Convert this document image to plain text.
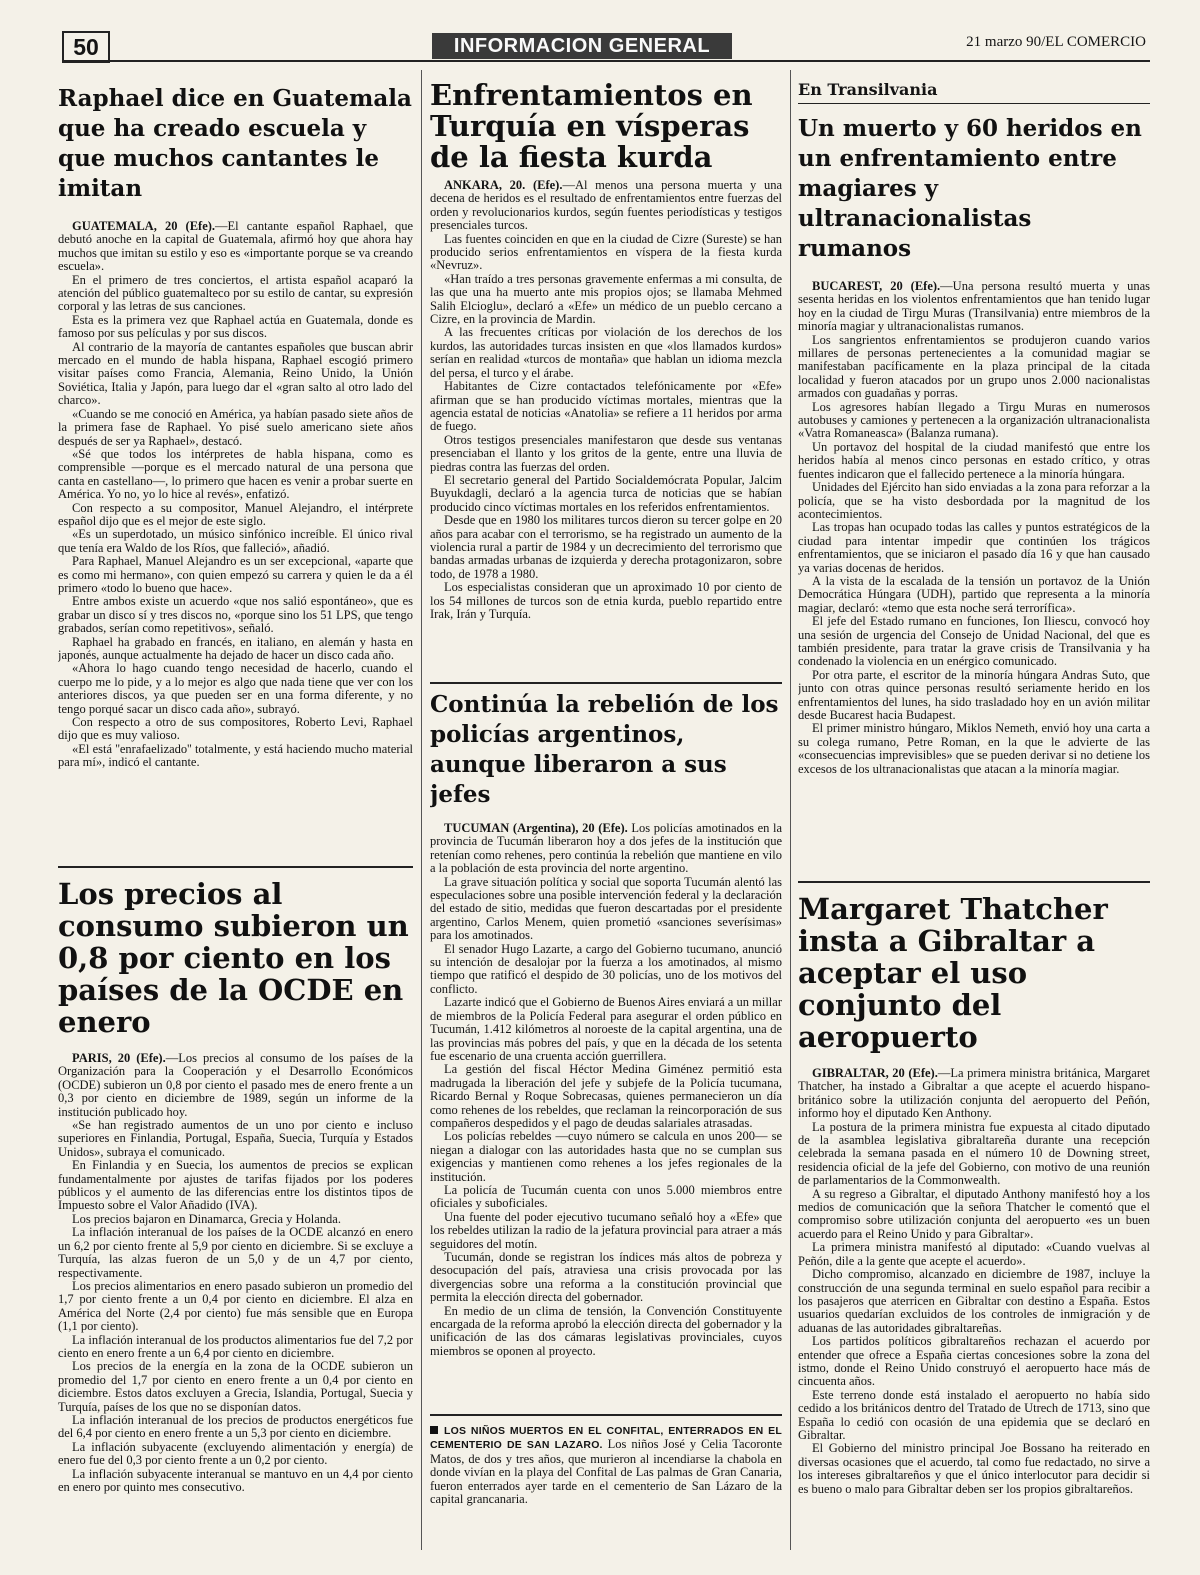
50	INFORMACION GENERAL	21 marzo 90/EL COMERCIO
Raphael dice en Guatemala que ha creado escuela y que muchos cantantes le imitan

GUATEMALA, 20 (Efe).—El cantante español Raphael, que debutó anoche en la capital de Guatemala, afirmó hoy que ahora hay muchos que imitan su estilo y eso es «importante porque se va creando escuela».

En el primero de tres conciertos, el artista español acaparó la atención del público guatemalteco por su estilo de cantar, su expresión corporal y las letras de sus canciones.

Esta es la primera vez que Raphael actúa en Guatemala, donde es famoso por sus películas y por sus discos.

Al contrario de la mayoría de cantantes españoles que buscan abrir mercado en el mundo de habla hispana, Raphael escogió primero visitar países como Francia, Alemania, Reino Unido, la Unión Soviética, Italia y Japón, para luego dar el «gran salto al otro lado del charco».

«Cuando se me conoció en América, ya habían pasado siete años de la primera fase de Raphael. Yo pisé suelo americano siete años después de ser ya Raphael», destacó.

«Sé que todos los intérpretes de habla hispana, como es comprensible —porque es el mercado natural de una persona que canta en castellano—, lo primero que hacen es venir a probar suerte en América. Yo no, yo lo hice al revés», enfatizó.

Con respecto a su compositor, Manuel Alejandro, el intérprete español dijo que es el mejor de este siglo.

«Es un superdotado, un músico sinfónico increíble. El único rival que tenía era Waldo de los Ríos, que falleció», añadió.

Para Raphael, Manuel Alejandro es un ser excepcional, «aparte que es como mi hermano», con quien empezó su carrera y quien le da a él primero «todo lo bueno que hace».

Entre ambos existe un acuerdo «que nos salió espontáneo», que es grabar un disco sí y tres discos no, «porque sino los 51 LPS, que tengo grabados, serían como repetitivos», señaló.

Raphael ha grabado en francés, en italiano, en alemán y hasta en japonés, aunque actualmente ha dejado de hacer un disco cada año.

«Ahora lo hago cuando tengo necesidad de hacerlo, cuando el cuerpo me lo pide, y a lo mejor es algo que nada tiene que ver con los anteriores discos, ya que pueden ser en una forma diferente, y no tengo porqué sacar un disco cada año», subrayó.

Con respecto a otro de sus compositores, Roberto Levi, Raphael dijo que es muy valioso.

«El está ''enrafaelizado'' totalmente, y está haciendo mucho material para mí», indicó el cantante.

Los precios al consumo subieron un 0,8 por ciento en los países de la OCDE en enero

PARIS, 20 (Efe).—Los precios al consumo de los países de la Organización para la Cooperación y el Desarrollo Económicos (OCDE) subieron un 0,8 por ciento el pasado mes de enero frente a un 0,3 por ciento en diciembre de 1989, según un informe de la institución publicado hoy.

«Se han registrado aumentos de un uno por ciento e incluso superiores en Finlandia, Portugal, España, Suecia, Turquía y Estados Unidos», subraya el comunicado.

En Finlandia y en Suecia, los aumentos de precios se explican fundamentalmente por ajustes de tarifas fijados por los poderes públicos y el aumento de las diferencias entre los distintos tipos de Impuesto sobre el Valor Añadido (IVA).

Los precios bajaron en Dinamarca, Grecia y Holanda.

La inflación interanual de los países de la OCDE alcanzó en enero un 6,2 por ciento frente al 5,9 por ciento en diciembre. Si se excluye a Turquía, las alzas fueron de un 5,0 y de un 4,7 por ciento, respectivamente.

Los precios alimentarios en enero pasado subieron un promedio del 1,7 por ciento frente a un 0,4 por ciento en diciembre. El alza en América del Norte (2,4 por ciento) fue más sensible que en Europa (1,1 por ciento).

La inflación interanual de los productos alimentarios fue del 7,2 por ciento en enero frente a un 6,4 por ciento en diciembre.

Los precios de la energía en la zona de la OCDE subieron un promedio del 1,7 por ciento en enero frente a un 0,4 por ciento en diciembre. Estos datos excluyen a Grecia, Islandia, Portugal, Suecia y Turquía, países de los que no se disponían datos.

La inflación interanual de los precios de productos energéticos fue del 6,4 por ciento en enero frente a un 5,3 por ciento en diciembre.

La inflación subyacente (excluyendo alimentación y energía) de enero fue del 0,3 por ciento frente a un 0,2 por ciento.

La inflación subyacente interanual se mantuvo en un 4,4 por ciento en enero por quinto mes consecutivo.

Enfrentamientos en Turquía en vísperas de la fiesta kurda

ANKARA, 20. (Efe).—Al menos una persona muerta y una decena de heridos es el resultado de enfrentamientos entre fuerzas del orden y revolucionarios kurdos, según fuentes periodísticas y testigos presenciales turcos.

Las fuentes coinciden en que en la ciudad de Cizre (Sureste) se han producido serios enfrentamientos en víspera de la fiesta kurda «Nevruz».

«Han traído a tres personas gravemente enfermas a mi consulta, de las que una ha muerto ante mis propios ojos; se llamaba Mehmed Salih Elcioglu», declaró a «Efe» un médico de un pueblo cercano a Cizre, en la provincia de Mardin.

A las frecuentes críticas por violación de los derechos de los kurdos, las autoridades turcas insisten en que «los llamados kurdos» serían en realidad «turcos de montaña» que hablan un idioma mezcla del persa, el turco y el árabe.

Habitantes de Cizre contactados telefónicamente por «Efe» afirman que se han producido víctimas mortales, mientras que la agencia estatal de noticias «Anatolia» se refiere a 11 heridos por arma de fuego.

Otros testigos presenciales manifestaron que desde sus ventanas presenciaban el llanto y los gritos de la gente, entre una lluvia de piedras contra las fuerzas del orden.

El secretario general del Partido Socialdemócrata Popular, Jalcim Buyukdagli, declaró a la agencia turca de noticias que se habían producido cinco víctimas mortales en los referidos enfrentamientos.

Desde que en 1980 los militares turcos dieron su tercer golpe en 20 años para acabar con el terrorismo, se ha registrado un aumento de la violencia rural a partir de 1984 y un decrecimiento del terrorismo que bandas armadas urbanas de izquierda y derecha protagonizaron, sobre todo, de 1978 a 1980.

Los especialistas consideran que un aproximado 10 por ciento de los 54 millones de turcos son de etnia kurda, pueblo repartido entre Irak, Irán y Turquía.

Continúa la rebelión de los policías argentinos, aunque liberaron a sus jefes

TUCUMAN (Argentina), 20 (Efe). Los policías amotinados en la provincia de Tucumán liberaron hoy a dos jefes de la institución que retenían como rehenes, pero continúa la rebelión que mantiene en vilo a la población de esta provincia del norte argentino.

La grave situación política y social que soporta Tucumán alentó las especulaciones sobre una posible intervención federal y la declaración del estado de sitio, medidas que fueron descartadas por el presidente argentino, Carlos Menem, quien prometió «sanciones severísimas» para los amotinados.

El senador Hugo Lazarte, a cargo del Gobierno tucumano, anunció su intención de desalojar por la fuerza a los amotinados, al mismo tiempo que ratificó el despido de 30 policías, uno de los motivos del conflicto.

Lazarte indicó que el Gobierno de Buenos Aires enviará a un millar de miembros de la Policía Federal para asegurar el orden público en Tucumán, 1.412 kilómetros al noroeste de la capital argentina, una de las provincias más pobres del país, y que en la década de los setenta fue escenario de una cruenta acción guerrillera.

La gestión del fiscal Héctor Medina Giménez permitió esta madrugada la liberación del jefe y subjefe de la Policía tucumana, Ricardo Bernal y Roque Sobrecasas, quienes permanecieron un día como rehenes de los rebeldes, que reclaman la reincorporación de sus compañeros despedidos y el pago de deudas salariales atrasadas.

Los policías rebeldes —cuyo número se calcula en unos 200— se niegan a dialogar con las autoridades hasta que no se cumplan sus exigencias y mantienen como rehenes a los jefes regionales de la institución.

La policía de Tucumán cuenta con unos 5.000 miembros entre oficiales y suboficiales.

Una fuente del poder ejecutivo tucumano señaló hoy a «Efe» que los rebeldes utilizan la radio de la jefatura provincial para atraer a más seguidores del motín.

Tucumán, donde se registran los índices más altos de pobreza y desocupación del país, atraviesa una crisis provocada por las divergencias sobre una reforma a la constitución provincial que permita la elección directa del gobernador.

En medio de un clima de tensión, la Convención Constituyente encargada de la reforma aprobó la elección directa del gobernador y la unificación de las dos cámaras legislativas provinciales, cuyos miembros se oponen al proyecto.

LOS NIÑOS MUERTOS EN EL CONFITAL, ENTERRADOS EN EL CEMENTERIO DE SAN LAZARO. Los niños José y Celia Tacoronte Matos, de dos y tres años, que murieron al incendiarse la chabola en donde vivían en la playa del Confital de Las palmas de Gran Canaria, fueron enterrados ayer tarde en el cementerio de San Lázaro de la capital grancanaria.
En Transilvania
Un muerto y 60 heridos en un enfrentamiento entre magiares y ultranacionalistas rumanos

BUCAREST, 20 (Efe).—Una persona resultó muerta y unas sesenta heridas en los violentos enfrentamientos que han tenido lugar hoy en la ciudad de Tirgu Muras (Transilvania) entre miembros de la minoría magiar y ultranacionalistas rumanos.

Los sangrientos enfrentamientos se produjeron cuando varios millares de personas pertenecientes a la comunidad magiar se manifestaban pacíficamente en la plaza principal de la citada localidad y fueron atacados por un grupo unos 2.000 nacionalistas armados con guadañas y porras.

Los agresores habían llegado a Tirgu Muras en numerosos autobuses y camiones y pertenecen a la organización ultranacionalista «Vatra Romaneasca» (Balanza rumana).

Un portavoz del hospital de la ciudad manifestó que entre los heridos había al menos cinco personas en estado crítico, y otras fuentes indicaron que el fallecido pertenece a la minoría húngara.

Unidades del Ejército han sido enviadas a la zona para reforzar a la policía, que se ha visto desbordada por la magnitud de los acontecimientos.

Las tropas han ocupado todas las calles y puntos estratégicos de la ciudad para intentar impedir que continúen los trágicos enfrentamientos, que se iniciaron el pasado día 16 y que han causado ya varias docenas de heridos.

A la vista de la escalada de la tensión un portavoz de la Unión Democrática Húngara (UDH), partido que representa a la minoría magiar, declaró: «temo que esta noche será terrorífica».

El jefe del Estado rumano en funciones, Ion Iliescu, convocó hoy una sesión de urgencia del Consejo de Unidad Nacional, del que es también presidente, para tratar la grave crisis de Transilvania y ha condenado la violencia en un enérgico comunicado.

Por otra parte, el escritor de la minoría húngara Andras Suto, que junto con otras quince personas resultó seriamente herido en los enfrentamientos del lunes, ha sido trasladado hoy en un avión militar desde Bucarest hacia Budapest.

El primer ministro húngaro, Miklos Nemeth, envió hoy una carta a su colega rumano, Petre Roman, en la que le advierte de las «consecuencias imprevisibles» que se pueden derivar si no detiene los excesos de los ultranacionalistas que atacan a la minoría magiar.

Margaret Thatcher insta a Gibraltar a aceptar el uso conjunto del aeropuerto

GIBRALTAR, 20 (Efe).—La primera ministra británica, Margaret Thatcher, ha instado a Gibraltar a que acepte el acuerdo hispano-británico sobre la utilización conjunta del aeropuerto del Peñón, informo hoy el diputado Ken Anthony.

La postura de la primera ministra fue expuesta al citado diputado de la asamblea legislativa gibraltareña durante una recepción celebrada la semana pasada en el número 10 de Downing street, residencia oficial de la jefe del Gobierno, con motivo de una reunión de parlamentarios de la Commonwealth.

A su regreso a Gibraltar, el diputado Anthony manifestó hoy a los medios de comunicación que la señora Thatcher le comentó que el compromiso sobre utilización conjunta del aeropuerto «es un buen acuerdo para el Reino Unido y para Gibraltar».

La primera ministra manifestó al diputado: «Cuando vuelvas al Peñón, dile a la gente que acepte el acuerdo».

Dicho compromiso, alcanzado en diciembre de 1987, incluye la construcción de una segunda terminal en suelo español para recibir a los pasajeros que aterricen en Gibraltar con destino a España. Estos usuarios quedarían excluidos de los controles de inmigración y de aduanas de las autoridades gibraltareñas.

Los partidos políticos gibraltareños rechazan el acuerdo por entender que ofrece a España ciertas concesiones sobre la zona del istmo, donde el Reino Unido construyó el aeropuerto hace más de cincuenta años.

Este terreno donde está instalado el aeropuerto no había sido cedido a los británicos dentro del Tratado de Utrech de 1713, sino que España lo cedió con ocasión de una epidemia que se declaró en Gibraltar.

El Gobierno del ministro principal Joe Bossano ha reiterado en diversas ocasiones que el acuerdo, tal como fue redactado, no sirve a los intereses gibraltareños y que el único interlocutor para decidir si es bueno o malo para Gibraltar deben ser los propios gibraltareños.
